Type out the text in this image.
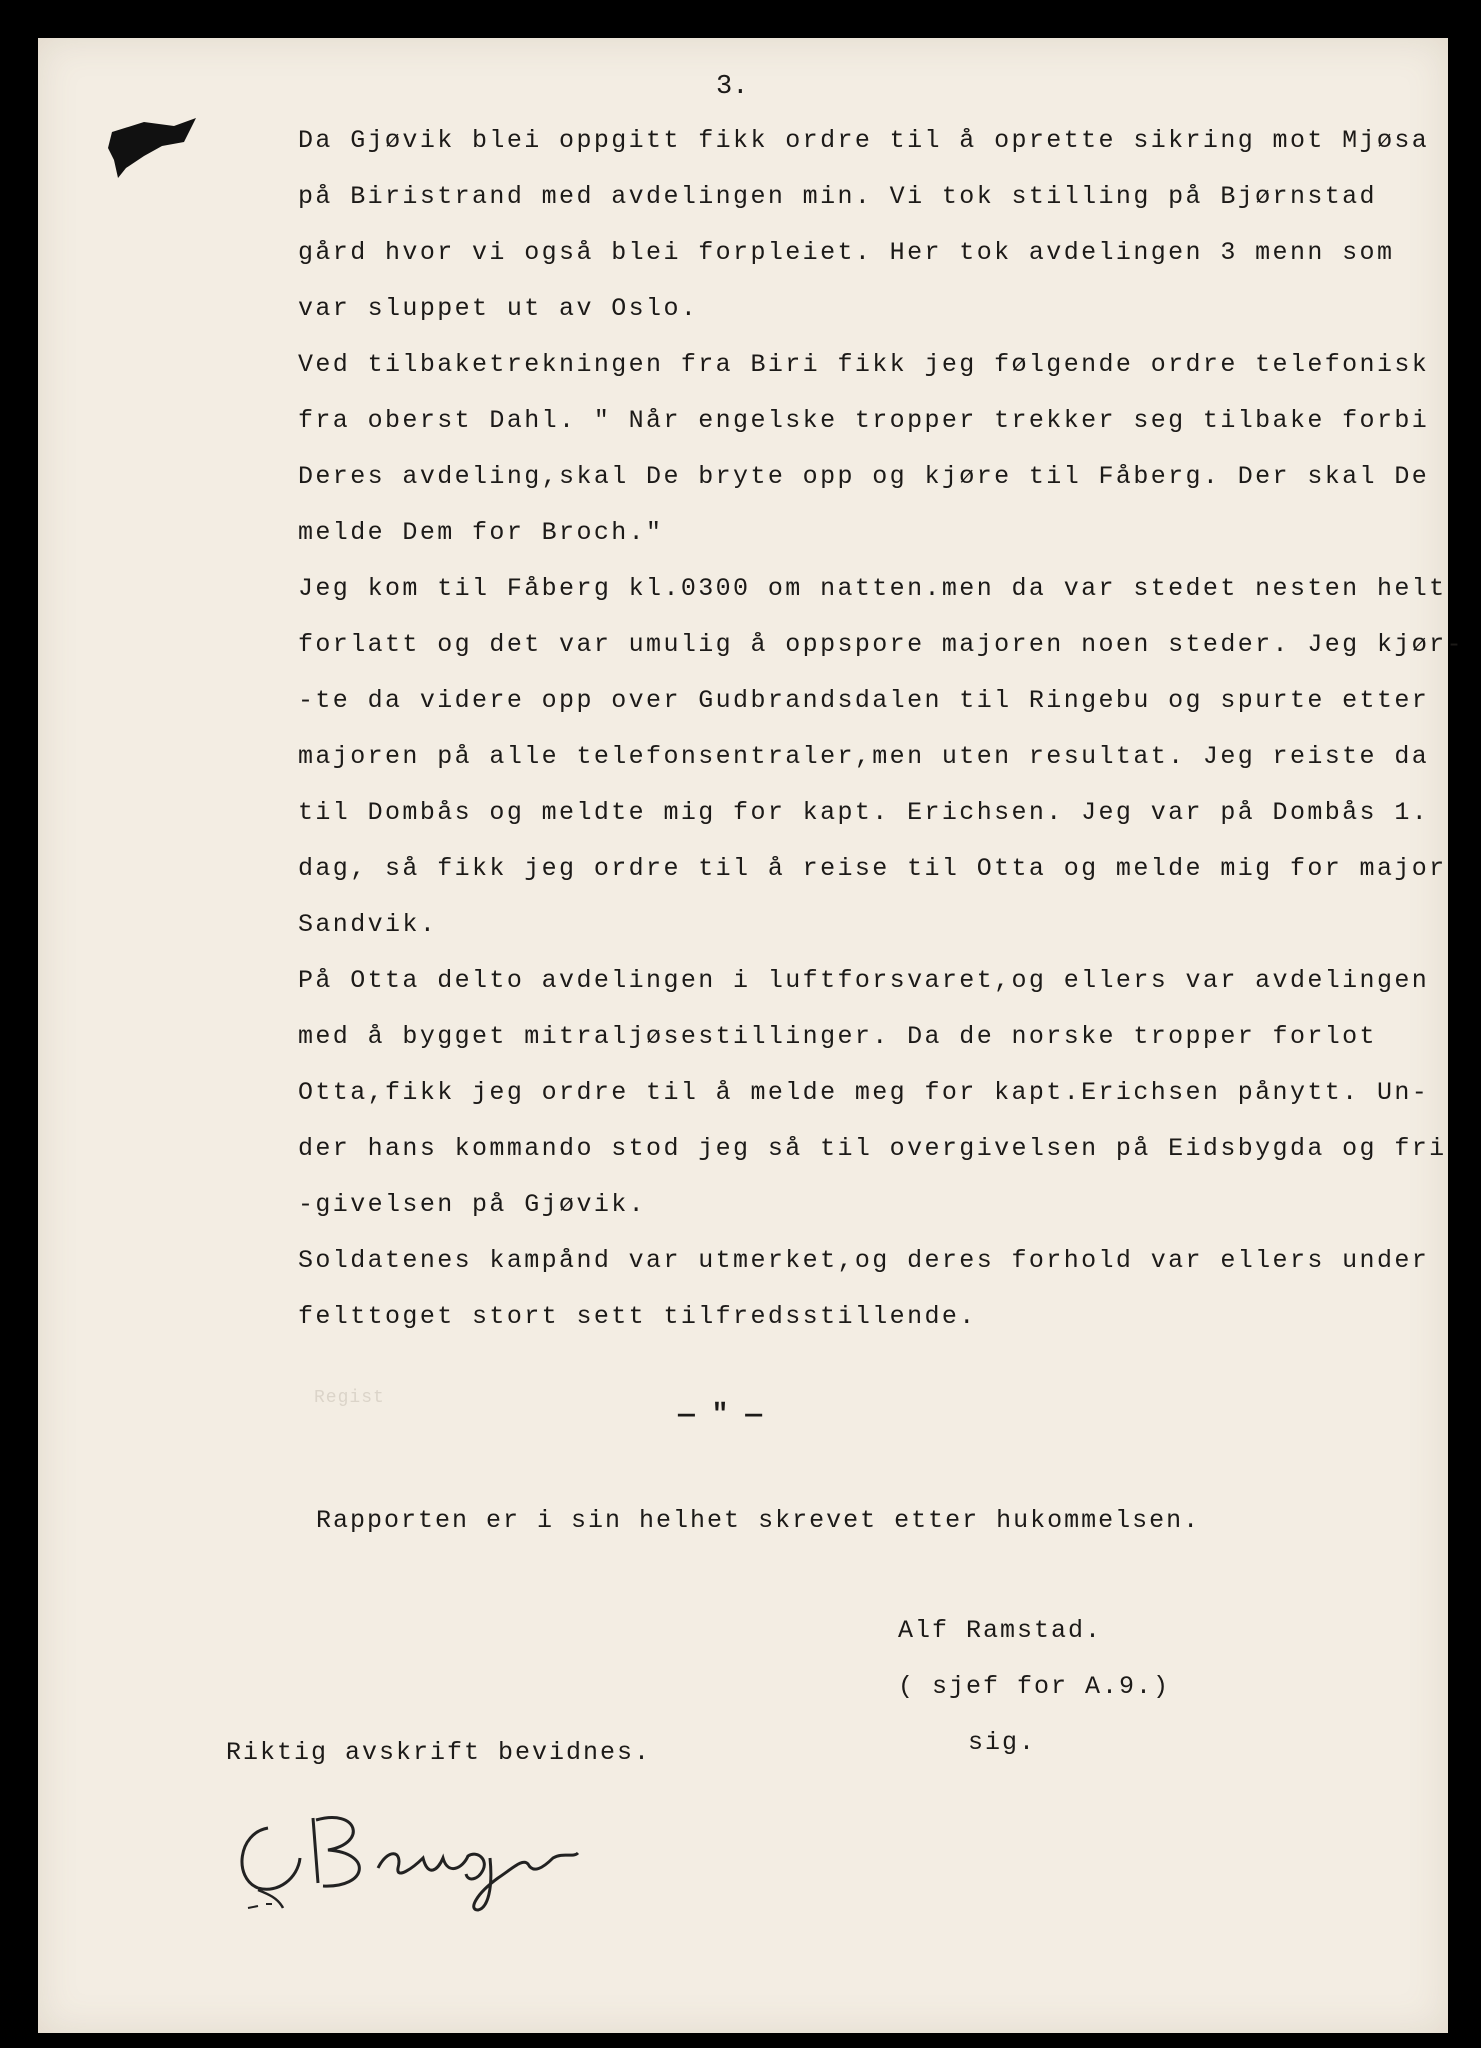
3.
Da Gjøvik blei oppgitt fikk ordre til å oprette sikring mot Mjøsa
på Biristrand med avdelingen min. Vi tok stilling på Bjørnstad
gård hvor vi også blei forpleiet. Her tok avdelingen 3 menn som
var sluppet ut av Oslo.
Ved tilbaketrekningen fra Biri fikk jeg følgende ordre telefonisk
fra oberst Dahl. " Når engelske tropper trekker seg tilbake forbi
Deres avdeling,skal De bryte opp og kjøre til Fåberg. Der skal De
melde Dem for Broch."
Jeg kom til Fåberg kl.0300 om natten.men da var stedet nesten helt
forlatt og det var umulig å oppspore majoren noen steder. Jeg kjør-
-te da videre opp over Gudbrandsdalen til Ringebu og spurte etter
majoren på alle telefonsentraler,men uten resultat. Jeg reiste da
til Dombås og meldte mig for kapt. Erichsen. Jeg var på Dombås 1.
dag, så fikk jeg ordre til å reise til Otta og melde mig for major
Sandvik.
På Otta delto avdelingen i luftforsvaret,og ellers var avdelingen
med å bygget mitraljøsestillinger. Da de norske tropper forlot
Otta,fikk jeg ordre til å melde meg for kapt.Erichsen pånytt. Un-
der hans kommando stod jeg så til overgivelsen på Eidsbygda og fri
-givelsen på Gjøvik.
Soldatenes kampånd var utmerket,og deres forhold var ellers under
felttoget stort sett tilfredsstillende.
Regist
— " —
Rapporten er i sin helhet skrevet etter hukommelsen.
Alf Ramstad.
( sjef for A.9.)
sig.
Riktig avskrift bevidnes.
